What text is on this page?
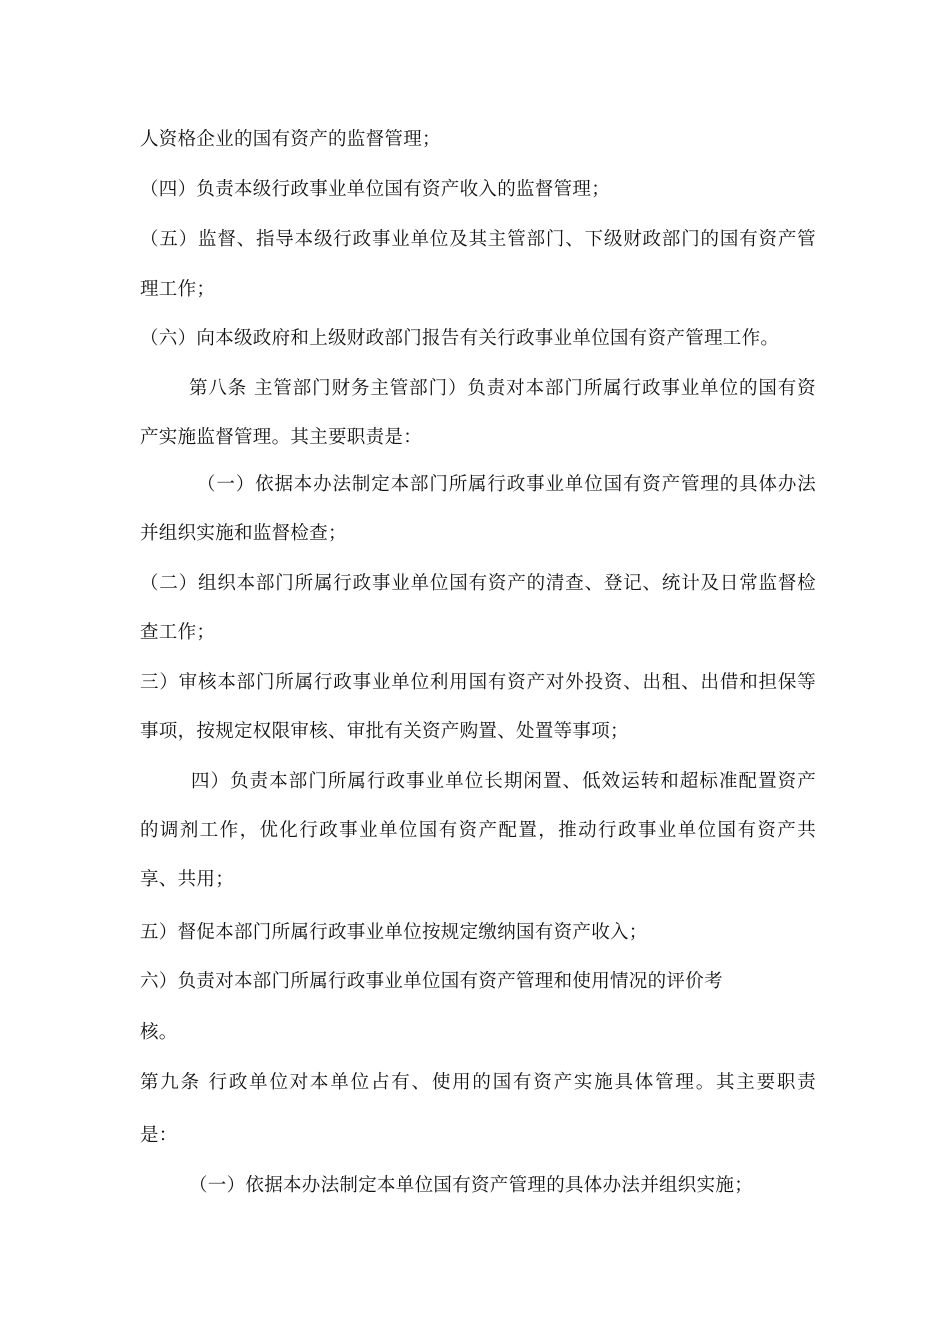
人资格企业的国有资产的监督管理；
（四）负责本级行政事业单位国有资产收入的监督管理；
（五）监督、指导本级行政事业单位及其主管部门、下级财政部门的国有资产管
理工作；
（六）向本级政府和上级财政部门报告有关行政事业单位国有资产管理工作。
第八条 主管部门财务主管部门）负责对本部门所属行政事业单位的国有资
产实施监督管理。其主要职责是：
（一）依据本办法制定本部门所属行政事业单位国有资产管理的具体办法
并组织实施和监督检查；
（二）组织本部门所属行政事业单位国有资产的清查、登记、统计及日常监督检
查工作；
三）审核本部门所属行政事业单位利用国有资产对外投资、出租、出借和担保等
事项，按规定权限审核、审批有关资产购置、处置等事项；
四）负责本部门所属行政事业单位长期闲置、低效运转和超标准配置资产
的调剂工作，优化行政事业单位国有资产配置，推动行政事业单位国有资产共
享、共用；
五）督促本部门所属行政事业单位按规定缴纳国有资产收入；
六）负责对本部门所属行政事业单位国有资产管理和使用情况的评价考
核。
第九条 行政单位对本单位占有、使用的国有资产实施具体管理。其主要职责
是：
（一）依据本办法制定本单位国有资产管理的具体办法并组织实施；
